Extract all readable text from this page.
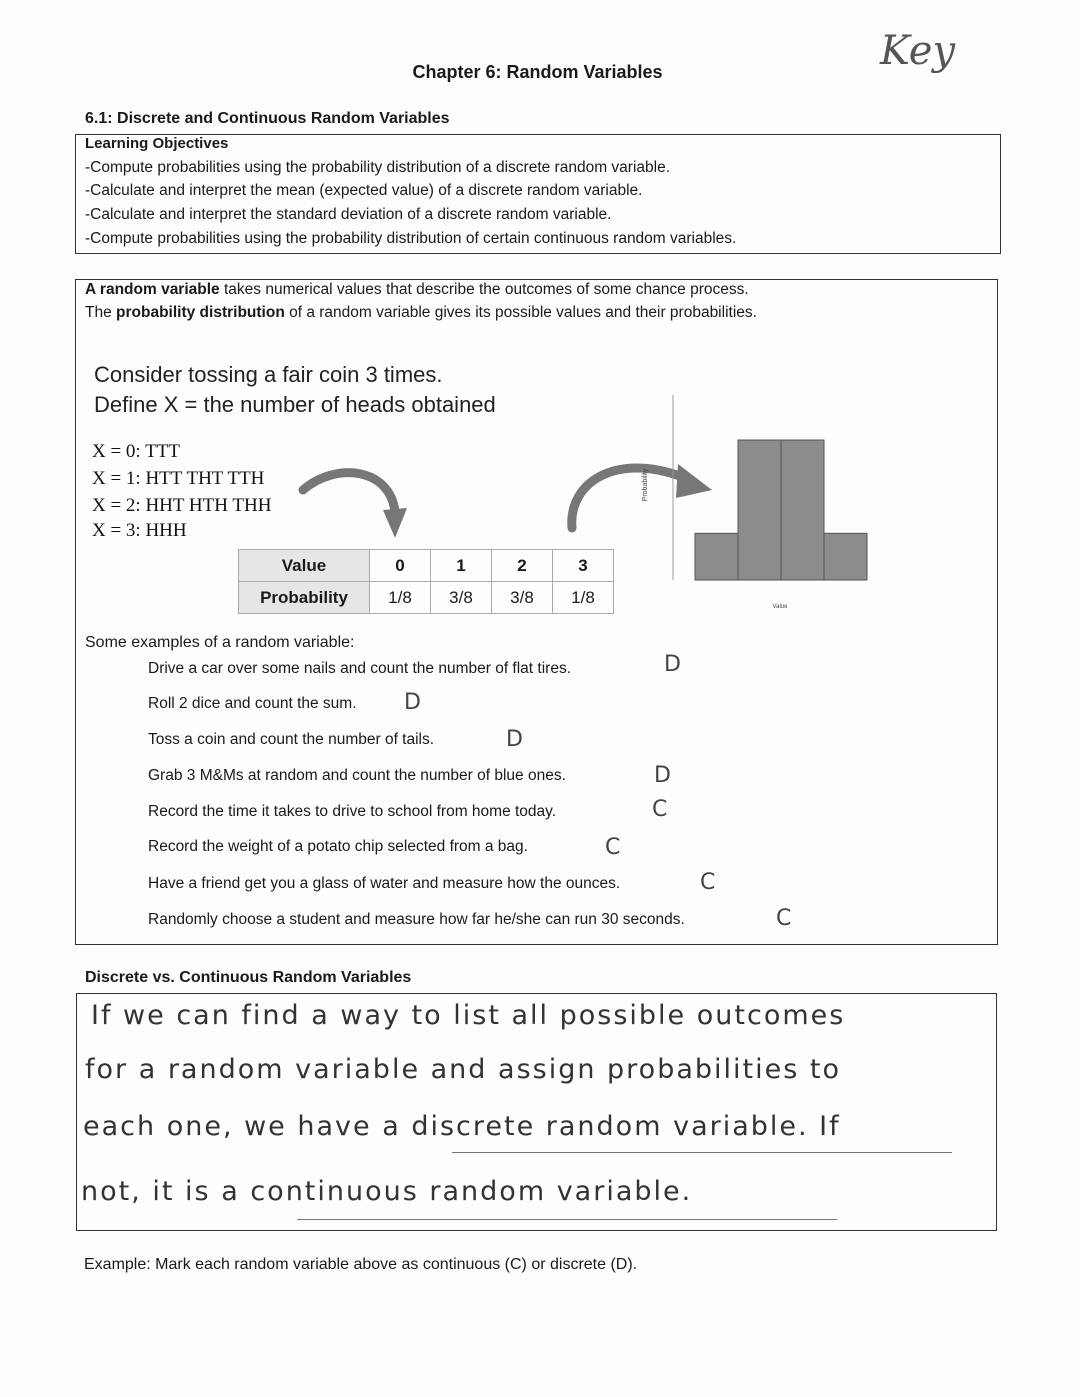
Key
Chapter 6: Random Variables
6.1: Discrete and Continuous Random Variables
Learning Objectives
-Compute probabilities using the probability distribution of a discrete random variable.
-Calculate and interpret the mean (expected value) of a discrete random variable.
-Calculate and interpret the standard deviation of a discrete random variable.
-Compute probabilities using the probability distribution of certain continuous random variables.
A random variable takes numerical values that describe the outcomes of some chance process.
The probability distribution of a random variable gives its possible values and their probabilities.
Consider tossing a fair coin 3 times.
Define X = the number of heads obtained
X = 0: TTT
X = 1: HTT THT TTH
X = 2: HHT HTH THH
X = 3: HHH
Value	0	1	2	3
Probability	1/8	3/8	3/8	1/8
Probability
Value
Some examples of a random variable:
Drive a car over some nails and count the number of flat tires.	D
Roll 2 dice and count the sum. D
Toss a coin and count the number of tails.	D
Grab 3 M&Ms at random and count the number of blue ones.	D
Record the time it takes to drive to school from home today.	C
Record the weight of a potato chip selected from a bag.	C
Have a friend get you a glass of water and measure how the ounces.	C
Randomly choose a student and measure how far he/she can run 30 seconds.	C
Discrete vs. Continuous Random Variables
If we can find a way to list all possible outcomes
for a random variable and assign probabilities to
each one, we have a discrete random variable. If
not, it is a continuous random variable.
Example: Mark each random variable above as continuous (C) or discrete (D).
